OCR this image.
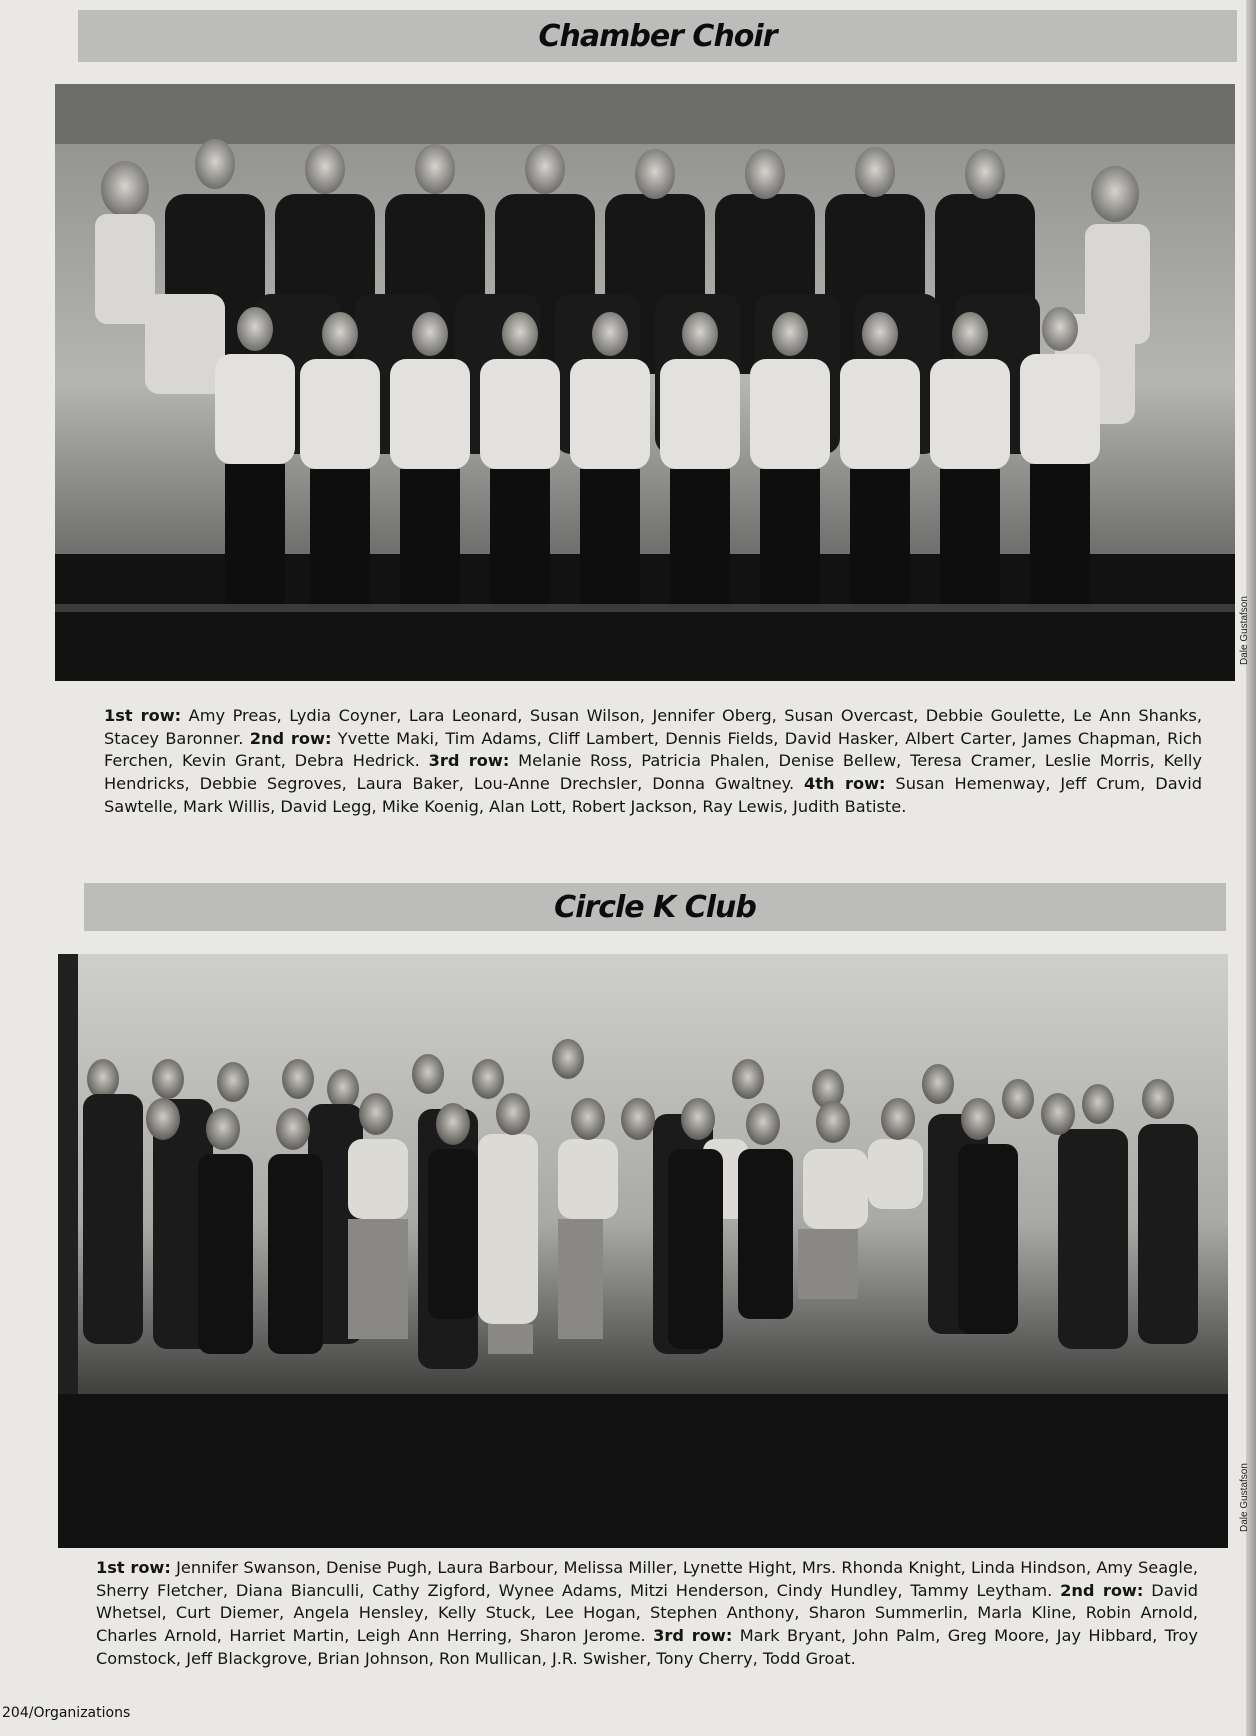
Chamber Choir
Dale Gustafson
1st row: Amy Preas, Lydia Coyner, Lara Leonard, Susan Wilson, Jennifer Oberg, Susan Overcast, Debbie Goulette, Le Ann Shanks, Stacey Baronner. 2nd row: Yvette Maki, Tim Adams, Cliff Lambert, Dennis Fields, David Hasker, Albert Carter, James Chapman, Rich Ferchen, Kevin Grant, Debra Hedrick. 3rd row: Melanie Ross, Patricia Phalen, Denise Bellew, Teresa Cramer, Leslie Morris, Kelly Hendricks, Debbie Segroves, Laura Baker, Lou-Anne Drechsler, Donna Gwaltney. 4th row: Susan Hemenway, Jeff Crum, David Sawtelle, Mark Willis, David Legg, Mike Koenig, Alan Lott, Robert Jackson, Ray Lewis, Judith Batiste.
Circle K Club
Dale Gustafson
1st row: Jennifer Swanson, Denise Pugh, Laura Barbour, Melissa Miller, Lynette Hight, Mrs. Rhonda Knight, Linda Hindson, Amy Seagle, Sherry Fletcher, Diana Bianculli, Cathy Zigford, Wynee Adams, Mitzi Henderson, Cindy Hundley, Tammy Leytham. 2nd row: David Whetsel, Curt Diemer, Angela Hensley, Kelly Stuck, Lee Hogan, Stephen Anthony, Sharon Summerlin, Marla Kline, Robin Arnold, Charles Arnold, Harriet Martin, Leigh Ann Herring, Sharon Jerome. 3rd row: Mark Bryant, John Palm, Greg Moore, Jay Hibbard, Troy Comstock, Jeff Blackgrove, Brian Johnson, Ron Mullican, J.R. Swisher, Tony Cherry, Todd Groat.
204/Organizations
